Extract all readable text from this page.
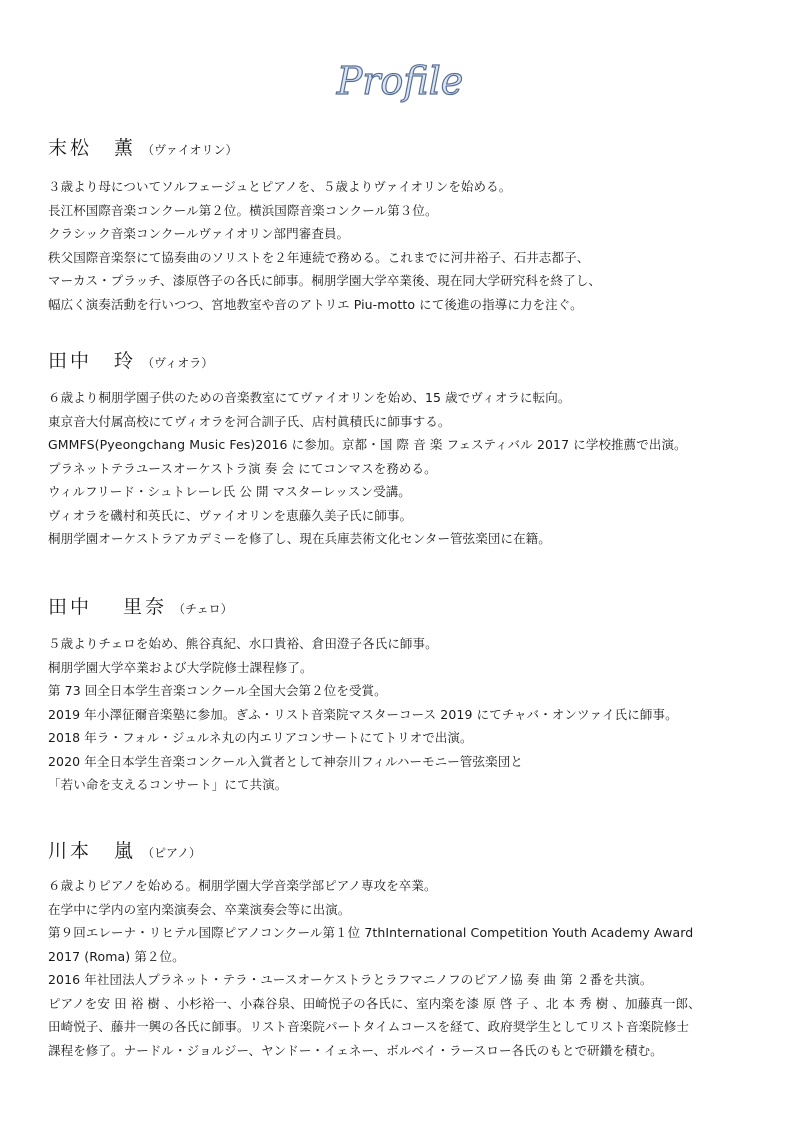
Profile
末松　薫 （ヴァイオリン）
３歳より母についてソルフェージュとピアノを、５歳よりヴァイオリンを始める。
長江杯国際音楽コンクール第２位。横浜国際音楽コンクール第３位。
クラシック音楽コンクールヴァイオリン部門審査員。
秩父国際音楽祭にて協奏曲のソリストを２年連続で務める。これまでに河井裕子、石井志都子、
マーカス・プラッチ、漆原啓子の各氏に師事。桐朋学園大学卒業後、現在同大学研究科を終了し、
幅広く演奏活動を行いつつ、宮地教室や音のアトリエ Piu-motto にて後進の指導に力を注ぐ。
田中　玲 （ヴィオラ）
６歳より桐朋学園子供のための音楽教室にてヴァイオリンを始め、15 歳でヴィオラに転向。
東京音大付属高校にてヴィオラを河合訓子氏、店村眞積氏に師事する。
GMMFS(Pyeongchang Music Fes)2016 に参加。京都・国 際 音 楽 フェスティバル 2017 に学校推薦で出演。
プラネットテラユースオーケストラ演 奏 会 にてコンマスを務める。
ウィルフリード・シュトレーレ氏 公 開 マスターレッスン受講。
ヴィオラを磯村和英氏に、ヴァイオリンを恵藤久美子氏に師事。
桐朋学園オーケストラアカデミーを修了し、現在兵庫芸術文化センター管弦楽団に在籍。
田中　 里奈 （チェロ）
５歳よりチェロを始め、熊谷真紀、水口貴裕、倉田澄子各氏に師事。
桐朋学園大学卒業および大学院修士課程修了。
第 73 回全日本学生音楽コンクール全国大会第２位を受賞。
2019 年小澤征爾音楽塾に参加。ぎふ・リスト音楽院マスターコース 2019 にてチャバ・オンツァイ氏に師事。
2018 年ラ・フォル・ジュルネ丸の内エリアコンサートにてトリオで出演。
2020 年全日本学生音楽コンクール入賞者として神奈川フィルハーモニー管弦楽団と
「若い命を支えるコンサート」にて共演。
川本　嵐 （ピアノ）
６歳よりピアノを始める。桐朋学園大学音楽学部ピアノ専攻を卒業。
在学中に学内の室内楽演奏会、卒業演奏会等に出演。
第９回エレーナ・リヒテル国際ピアノコンクール第１位 7thInternational Competition Youth Academy Award
2017 (Roma) 第２位。
2016 年社団法人プラネット・テラ・ユースオーケストラとラフマニノフのピアノ協 奏 曲 第 ２番を共演。
ピアノを安 田 裕 樹 、小杉裕一、小森谷泉、田崎悦子の各氏に、室内楽を漆 原 啓 子 、北 本 秀 樹 、加藤真一郎、
田崎悦子、藤井一興の各氏に師事。リスト音楽院パートタイムコースを経て、政府奨学生としてリスト音楽院修士
課程を修了。ナードル・ジョルジー、ヤンドー・イェネー、ボルベイ・ラースロー各氏のもとで研鑽を積む。
